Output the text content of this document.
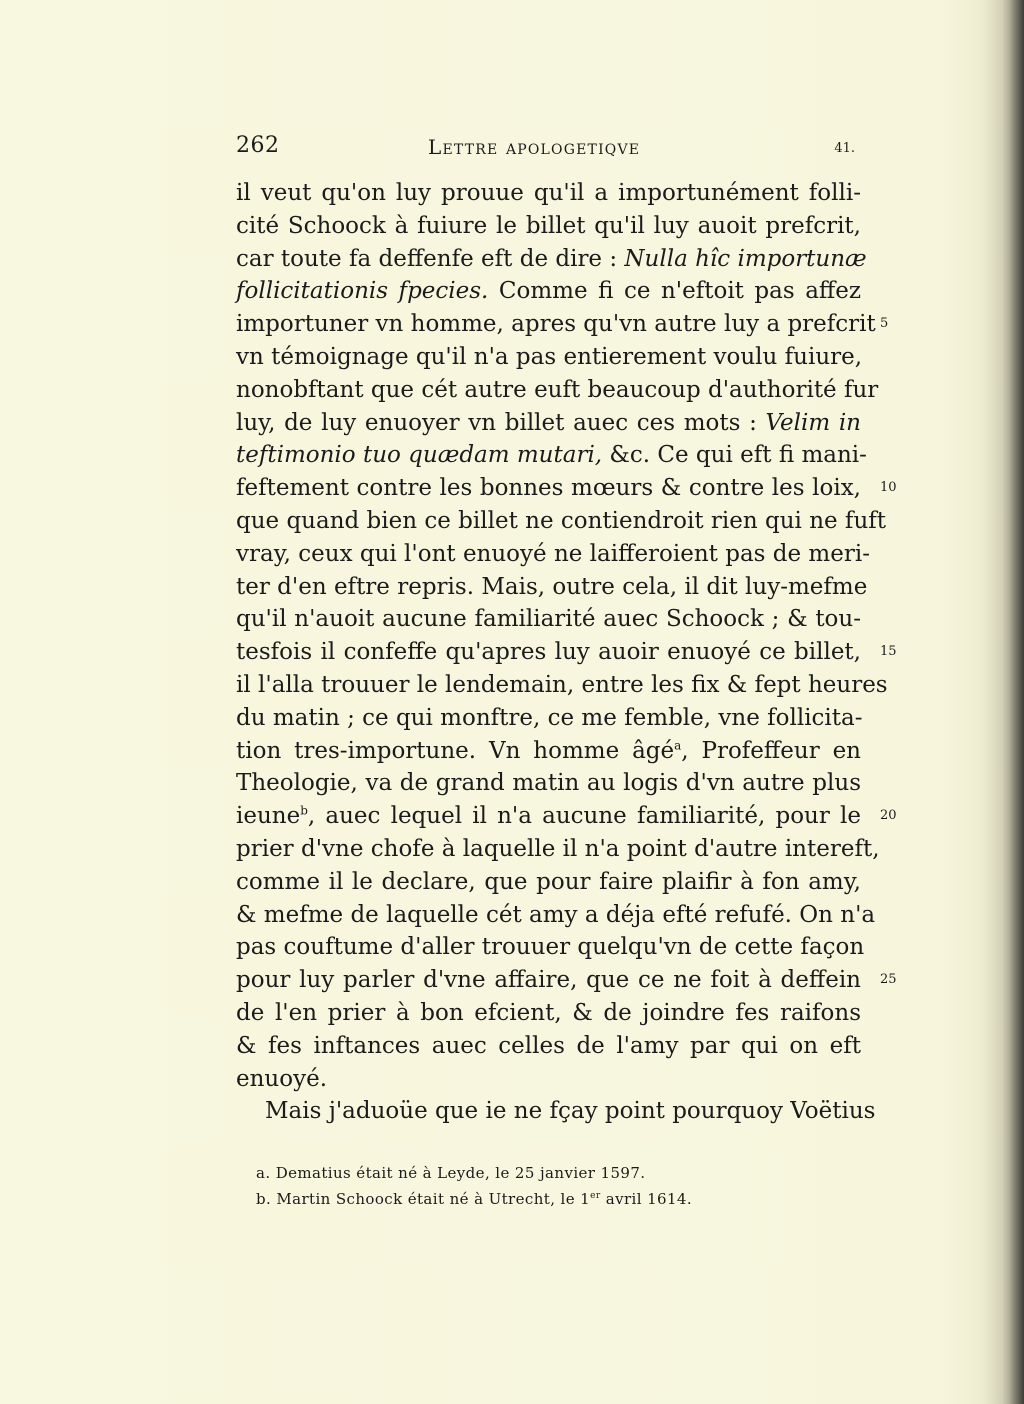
262	Lettre apologetiqve	41.
il veut qu'on luy prouue qu'il a importunément folli-
cité Schoock à fuiure le billet qu'il luy auoit prefcrit,
car toute fa deffenfe eft de dire : Nulla hîc importunæ
follicitationis fpecies. Comme fi ce n'eftoit pas affez
importuner vn homme, apres qu'vn autre luy a prefcrit
vn témoignage qu'il n'a pas entierement voulu fuiure,
nonobftant que cét autre euft beaucoup d'authorité fur
luy, de luy enuoyer vn billet auec ces mots : Velim in
teftimonio tuo quædam mutari, &c. Ce qui eft fi mani-
feftement contre les bonnes mœurs & contre les loix,
que quand bien ce billet ne contiendroit rien qui ne fuft
vray, ceux qui l'ont enuoyé ne laifferoient pas de meri-
ter d'en eftre repris. Mais, outre cela, il dit luy-mefme
qu'il n'auoit aucune familiarité auec Schoock ; & tou-
tesfois il confeffe qu'apres luy auoir enuoyé ce billet,
il l'alla trouuer le lendemain, entre les fix & fept heures
du matin ; ce qui monftre, ce me femble, vne follicita-
tion tres-importune. Vn homme âgé$^a$, Profeffeur en
Theologie, va de grand matin au logis d'vn autre plus
ieune$^b$, auec lequel il n'a aucune familiarité, pour le
prier d'vne chofe à laquelle il n'a point d'autre intereft,
comme il le declare, que pour faire plaifir à fon amy,
& mefme de laquelle cét amy a déja efté refufé. On n'a
pas couftume d'aller trouuer quelqu'vn de cette façon
pour luy parler d'vne affaire, que ce ne foit à deffein
de l'en prier à bon efcient, & de joindre fes raifons
& fes inftances auec celles de l'amy par qui on eft
enuoyé.
Mais j'aduoüe que ie ne fçay point pourquoy Voëtius
5
10
15
20
25
a. Dematius était né à Leyde, le 25 janvier 1597.
b. Martin Schoock était né à Utrecht, le 1er avril 1614.
